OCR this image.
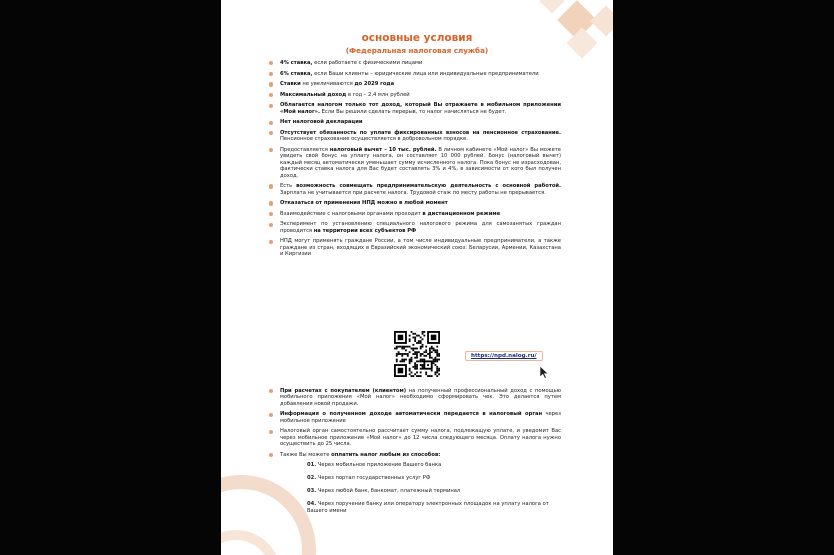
основные условия
(Федеральная налоговая служба)
4% ставка, если работаете с физическими лицами
6% ставка, если Ваши клиенты – юридические лица или индивидуальные предприниматели
Ставки не увеличиваются до 2029 года
Максимальный доход в год – 2,4 млн рублей
Облагается налогом только тот доход, который Вы отражаете в мобильном приложении «Мой налог». Если Вы решили сделать перерыв, то налог начисляться не будет.
Нет налоговой декларации
Отсутствует обязанность по уплате фиксированных взносов на пенсионное страхование. Пенсионное страхование осуществляется в добровольном порядке.
Предоставляется налоговый вычет – 10 тыс. рублей. В личном кабинете «Мой налог» Вы можете увидеть свой бонус на уплату налога, он составляет 10 000 рублей. Бонус (налоговый вычет) каждый месяц автоматически уменьшает сумму исчисленного налога. Пока бонус не израсходован, фактически ставка налога для Вас будет составлять 3% и 4%, в зависимости от кого был получен доход.
Есть возможность совмещать предпринимательскую деятельность с основной работой. Зарплата не учитывается при расчете налога. Трудовой стаж по месту работы не прерывается.
Отказаться от применения НПД можно в любой момент
Взаимодействие с налоговыми органами проходит в дистанционном режиме
Эксперимент по установлению специального налогового режима для самозанятых граждан проводится на территории всех субъектов РФ
НПД могут применять граждане России, а том числе индивидуальные предприниматели, а также граждане из стран, входящих в Евразийский экономический союз: Беларусии, Армении, Казахстана и Киргизии
https://npd.nalog.ru/
При расчетах с покупателем (клиентом) на полученный профессиональный доход с помощью мобильного приложения «Мой налог» необходимо сформировать чек. Это делается путем добавления новой продажи.
Информация о полученном доходе автоматически передается в налоговый орган через мобильное приложение
Налоговый орган самостоятельно рассчитает сумму налога, подлежащую уплате, и уведомит Вас через мобильное приложение «Мой налог» до 12 числа следующего месяца. Оплату налога нужно осуществить до 25 числа.
Также Вы можете оплатить налог любым из способов:
01. Через мобильное приложение Вашего банка
02. Через портал государственных услуг РФ
03. Через любой банк, банкомат, платежный терминал
04. Через поручение банку или оператору электронных площадок на уплату налога от Вашего имени
